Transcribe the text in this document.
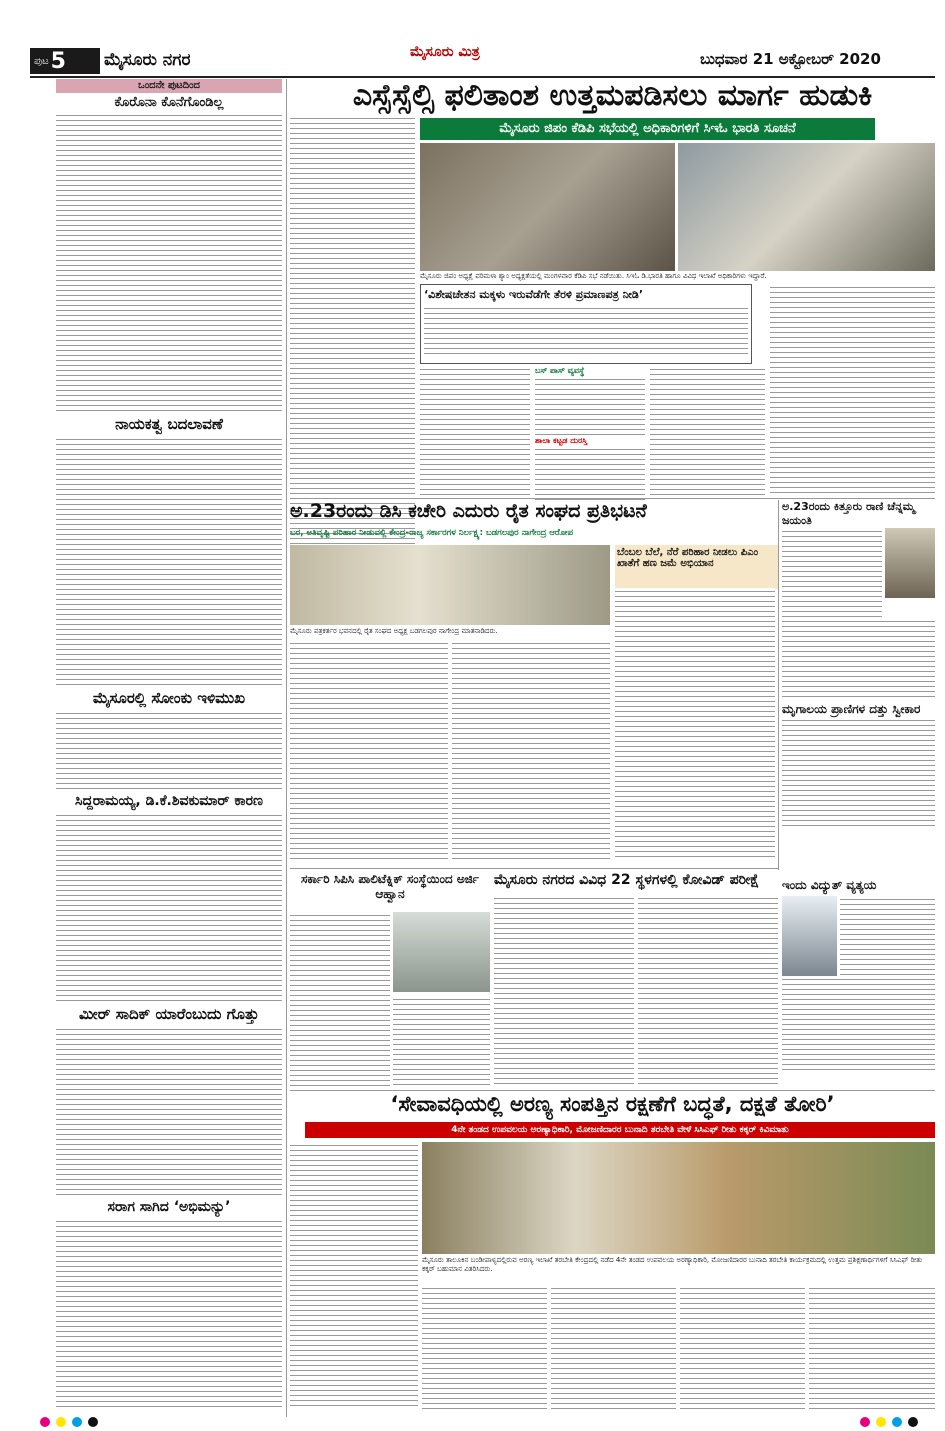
ಪುಟ 5 ಮೈಸೂರು ನಗರ	ಮೈಸೂರು ಮಿತ್ರ	ಬುಧವಾರ 21 ಅಕ್ಟೋಬರ್ 2020
ಒಂದನೇ ಪುಟದಿಂದ
ಕೊರೊನಾ ಕೊನೆಗೊಂಡಿಲ್ಲ
ನಾಯಕತ್ವ ಬದಲಾವಣೆ
ಮೈಸೂರಲ್ಲಿ ಸೋಂಕು ಇಳಿಮುಖ
ಸಿದ್ದರಾಮಯ್ಯ, ಡಿ.ಕೆ.ಶಿವಕುಮಾರ್ ಕಾರಣ
ಮೀರ್ ಸಾದಿಕ್ ಯಾರೆಂಬುದು ಗೊತ್ತು
ಸರಾಗ ಸಾಗಿದ ‘ಅಭಿಮನ್ಯು’
ಎಸ್ಸೆಸ್ಸೆಲ್ಸಿ ಫಲಿತಾಂಶ ಉತ್ತಮಪಡಿಸಲು ಮಾರ್ಗ ಹುಡುಕಿ
ಮೈಸೂರು ಜಿಪಂ ಕೆಡಿಪಿ ಸಭೆಯಲ್ಲಿ ಅಧಿಕಾರಿಗಳಿಗೆ ಸಿಇಓ ಭಾರತಿ ಸೂಚನೆ
ಮೈಸೂರು ಜಿಪಂ ಅಧ್ಯಕ್ಷೆ ಪರಿಮಳಾ ಶ್ಯಾಂ ಅಧ್ಯಕ್ಷತೆಯಲ್ಲಿ ಮಂಗಳವಾರ ಕೆಡಿಪಿ ಸಭೆ ನಡೆಯಿತು. ಸಿಇಓ ಡಿ.ಭಾರತಿ ಹಾಗೂ ವಿವಿಧ ಇಲಾಖೆ ಅಧಿಕಾರಿಗಳು ಇದ್ದಾರೆ.
‘ವಿಶೇಷಚೇತನ ಮಕ್ಕಳು ಇರುವೆಡೆಗೇ ತೆರಳಿ ಪ್ರಮಾಣಪತ್ರ ನೀಡಿ’
ಬಸ್ ಪಾಸ್ ವ್ಯವಸ್ಥೆ
ಶಾಲಾ ಕಟ್ಟಡ ದುರಸ್ತಿ
ಅ.23ರಂದು ಡಿಸಿ ಕಚೇರಿ ಎದುರು ರೈತ ಸಂಘದ ಪ್ರತಿಭಟನೆ
ಬರ, ಅತಿವೃಷ್ಟಿ ಪರಿಹಾರ ನೀಡುವಲ್ಲಿ ಕೇಂದ್ರ-ರಾಜ್ಯ ಸರ್ಕಾರಗಳ ನಿರ್ಲಕ್ಷ್ಯ: ಬಡಗಲಪುರ ನಾಗೇಂದ್ರ ಆರೋಪ
ಮೈಸೂರು ಪತ್ರಕರ್ತರ ಭವನದಲ್ಲಿ ರೈತ ಸಂಘದ ಅಧ್ಯಕ್ಷ ಬಡಗಲಪುರ ನಾಗೇಂದ್ರ ಮಾತನಾಡಿದರು.
ಬೆಂಬಲ ಬೆಲೆ, ನೆರೆ ಪರಿಹಾರ ನೀಡಲು ಪಿಎಂ ಖಾತೆಗೆ ಹಣ ಜಮೆ ಅಭಿಯಾನ
ಅ.23ರಂದು ಕಿತ್ತೂರು ರಾಣಿ ಚೆನ್ನಮ್ಮ ಜಯಂತಿ
ಮೃಗಾಲಯ ಪ್ರಾಣಿಗಳ ದತ್ತು ಸ್ವೀಕಾರ
ಇಂದು ವಿದ್ಯುತ್ ವ್ಯತ್ಯಯ
ಸರ್ಕಾರಿ ಸಿಪಿಸಿ ಪಾಲಿಟೆಕ್ನಿಕ್ ಸಂಸ್ಥೆಯಿಂದ ಅರ್ಜಿ ಆಹ್ವಾನ
ಮೈಸೂರು ನಗರದ ವಿವಿಧ 22 ಸ್ಥಳಗಳಲ್ಲಿ ಕೋವಿಡ್ ಪರೀಕ್ಷೆ
‘ಸೇವಾವಧಿಯಲ್ಲಿ ಅರಣ್ಯ ಸಂಪತ್ತಿನ ರಕ್ಷಣೆಗೆ ಬದ್ಧತೆ, ದಕ್ಷತೆ ತೋರಿ’
4ನೇ ತಂಡದ ಉಪವಲಯ ಅರಣ್ಯಾಧಿಕಾರಿ, ಮೋಜಣಿದಾರರ ಬುನಾದಿ ತರಬೇತಿ ವೇಳೆ ಸಿಸಿಎಫ್ ರೀತು ಕಕ್ಕರ್ ಕಿವಿಮಾತು
ಮೈಸೂರು ತಾಲೂಕಿನ ಬಂಡೀಪಾಳ್ಯದಲ್ಲಿರುವ ಅರಣ್ಯ ಇಲಾಖೆ ತರಬೇತಿ ಕೇಂದ್ರದಲ್ಲಿ ನಡೆದ 4ನೇ ತಂಡದ ಉಪವಲಯ ಅರಣ್ಯಾಧಿಕಾರಿ, ಮೋಜಣಿದಾರರ ಬುನಾದಿ ತರಬೇತಿ ಕಾರ್ಯಕ್ರಮದಲ್ಲಿ ಉತ್ತಮ ಪ್ರಶಿಕ್ಷಣಾರ್ಥಿಗಳಿಗೆ ಸಿಸಿಎಫ್ ರೀತು ಕಕ್ಕರ್ ಬಹುಮಾನ ವಿತರಿಸಿದರು.
